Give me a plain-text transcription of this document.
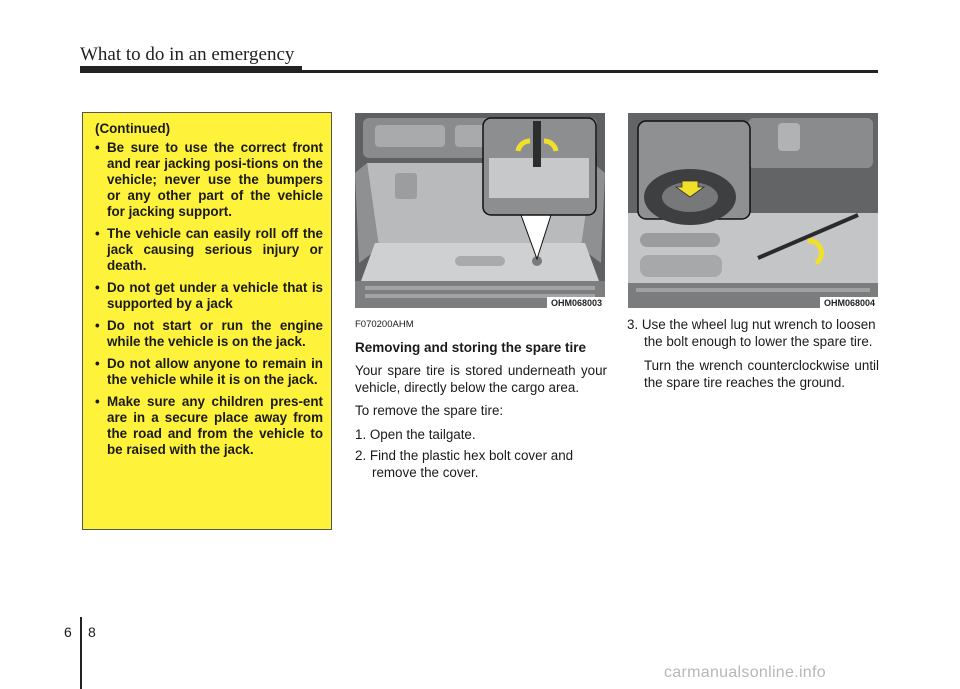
What to do in an emergency
(Continued)
• Be sure to use the correct front and rear jacking posi-tions on the vehicle; never use the bumpers or any other part of the vehicle for jacking support.
• The vehicle can easily roll off the jack causing serious injury or death.
• Do not get under a vehicle that is supported by a jack
• Do not start or run the engine while the vehicle is on the jack.
• Do not allow anyone to remain in the vehicle while it is on the jack.
• Make sure any children pres-ent are in a secure place away from the road and from the vehicle to be raised with the jack.
OHM068003	OHM068004
F070200AHM
Removing and storing the spare tire

Your spare tire is stored underneath your vehicle, directly below the cargo area.

To remove the spare tire:

1. Open the tailgate.

2. Find the plastic hex bolt cover and remove the cover.

3. Use the wheel lug nut wrench to loosen the bolt enough to lower the spare tire.

Turn the wrench counterclockwise until the spare tire reaches the ground.

6 8
carmanualsonline.info
